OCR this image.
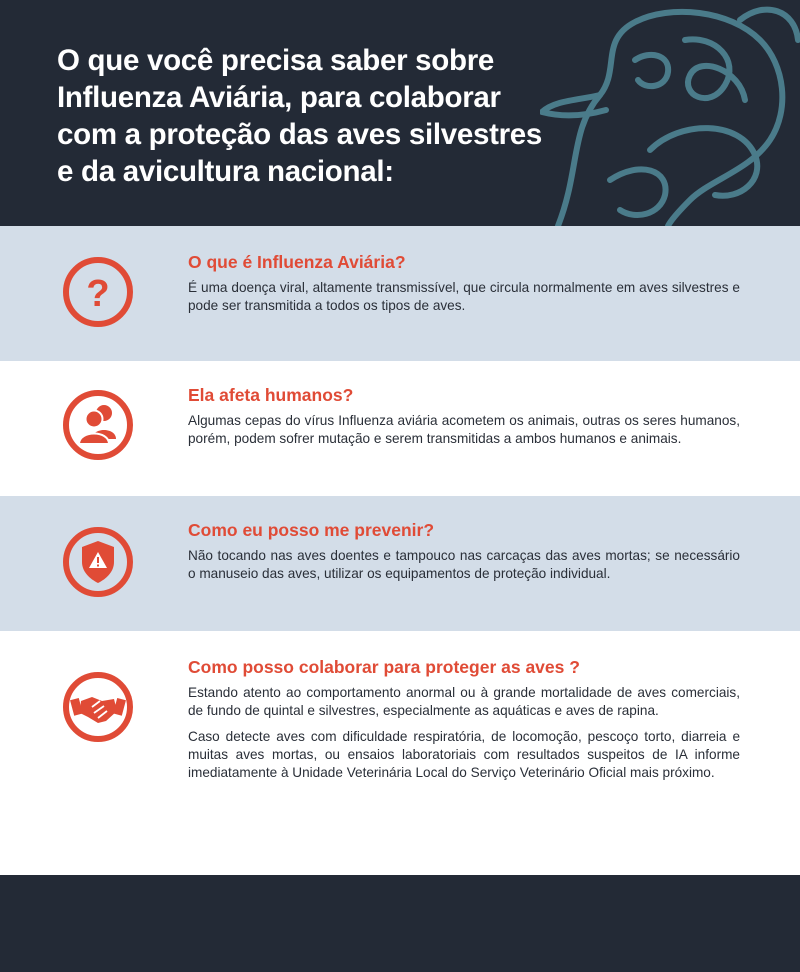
O que você precisa saber sobre
Influenza Aviária, para colaborar
com a proteção das aves silvestres
e da avicultura nacional:
?
O que é Influenza Aviária?

É uma doença viral, altamente transmissível, que circula normalmente em aves silvestres e pode ser transmitida a todos os tipos de aves.

Ela afeta humanos?

Algumas cepas do vírus Influenza aviária acometem os animais, outras os seres humanos, porém, podem sofrer mutação e serem transmitidas a ambos humanos e animais.

Como eu posso me prevenir?

Não tocando nas aves doentes e tampouco nas carcaças das aves mortas; se necessário o manuseio das aves, utilizar os equipamentos de proteção individual.

Como posso colaborar para proteger as aves ?

Estando atento ao comportamento anormal ou à grande mortalidade de aves comerciais, de fundo de quintal e silvestres, especialmente as aquáticas e aves de rapina.

Caso detecte aves com dificuldade respiratória, de locomoção, pescoço torto, diarreia e muitas aves mortas, ou ensaios laboratoriais com resultados suspeitos de IA informe imediatamente à Unidade Veterinária Local do Serviço Veterinário Oficial mais próximo.
